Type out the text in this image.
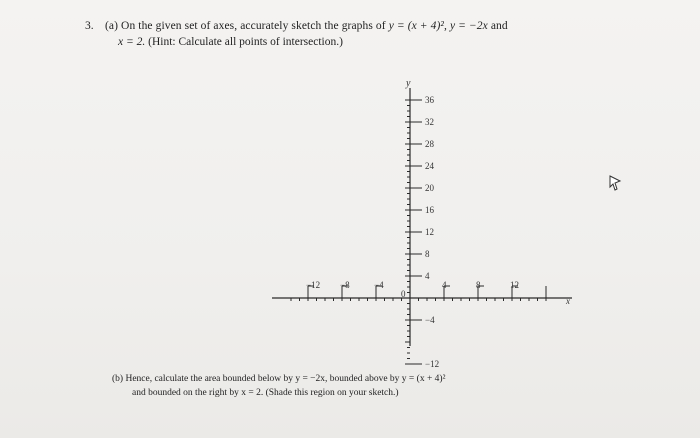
3. (a) On the given set of axes, accurately sketch the graphs of y = (x + 4)², y = −2x and
x = 2. (Hint: Calculate all points of intersection.)
36
32
28
24
20
16
12
8
4
−4
−12
−12 −8	−4	4	8	12
y
x
0
(b) Hence, calculate the area bounded below by y = −2x, bounded above by y = (x + 4)²
and bounded on the right by x = 2. (Shade this region on your sketch.)
